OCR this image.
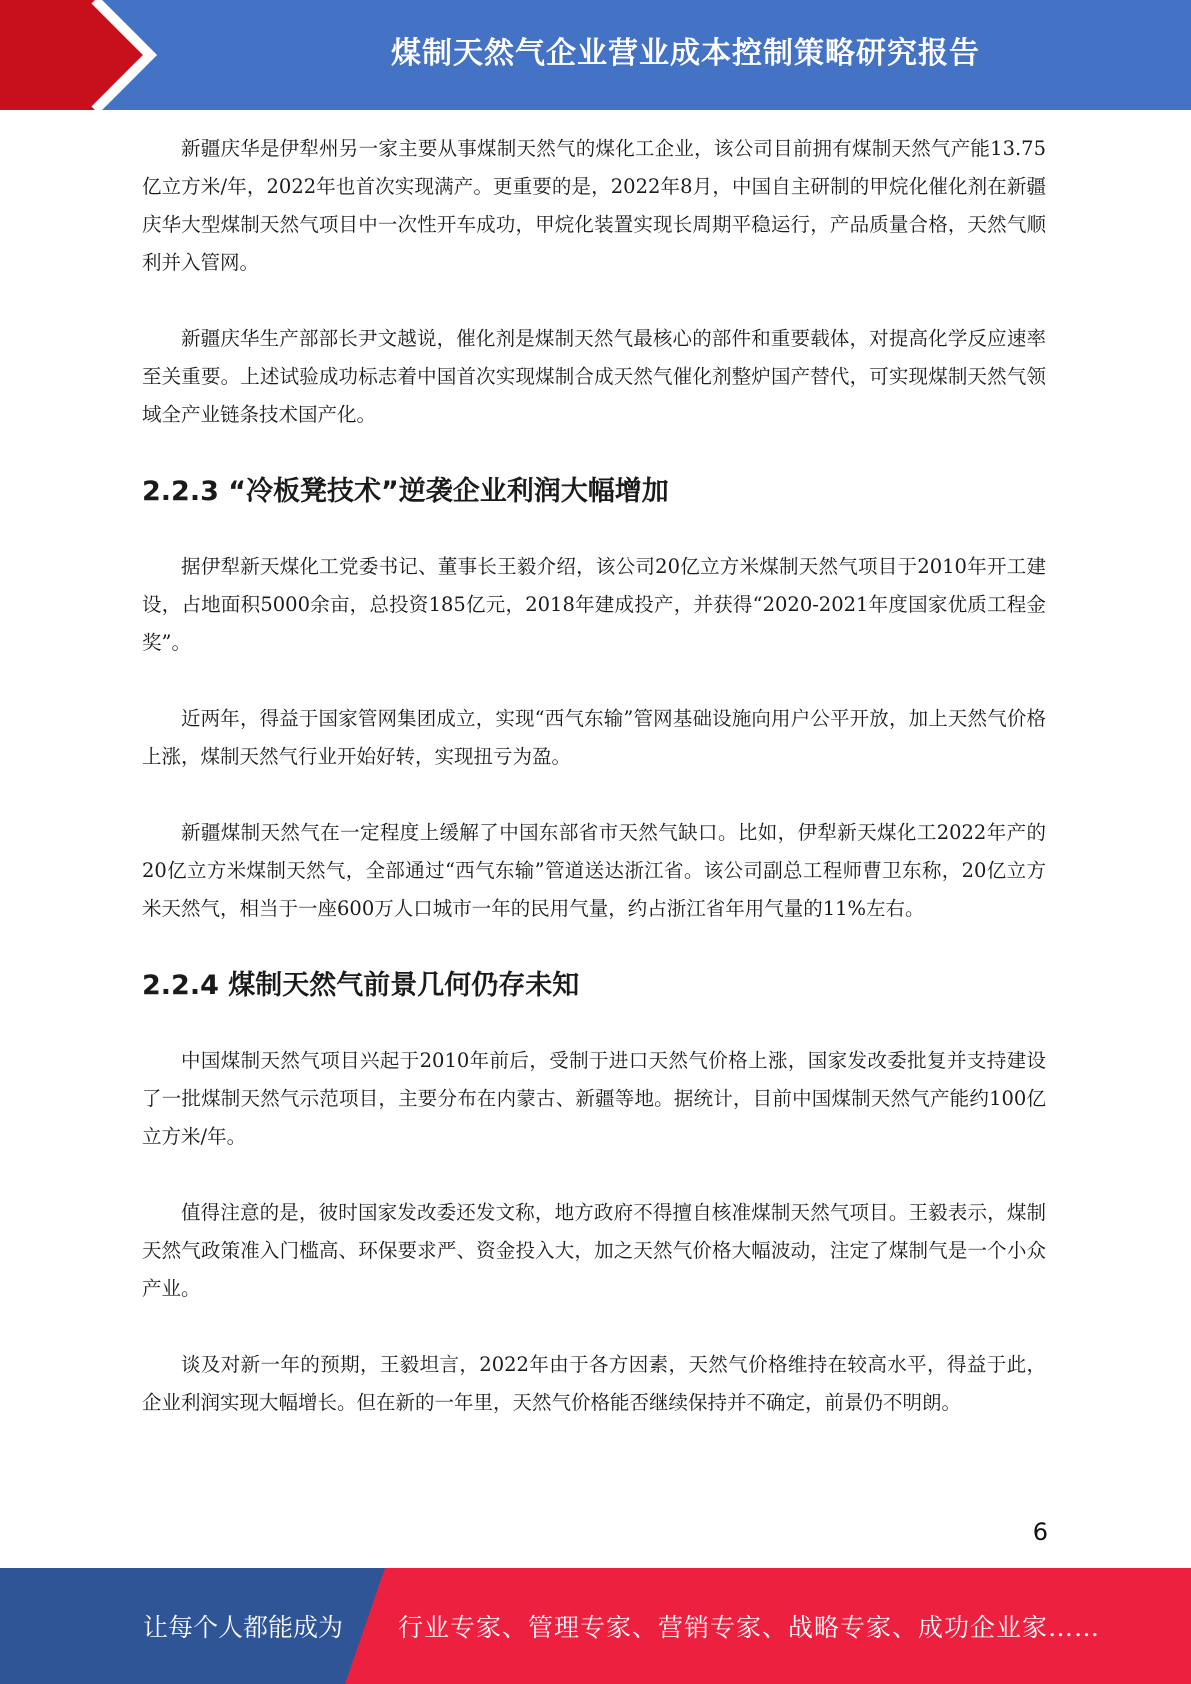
煤制天然气企业营业成本控制策略研究报告

新疆庆华是伊犁州另一家主要从事煤制天然气的煤化工企业，该公司目前拥有煤制天然气产能13.75亿立方米/年，2022年也首次实现满产。更重要的是，2022年8月，中国自主研制的甲烷化催化剂在新疆庆华大型煤制天然气项目中一次性开车成功，甲烷化装置实现长周期平稳运行，产品质量合格，天然气顺利并入管网。

新疆庆华生产部部长尹文越说，催化剂是煤制天然气最核心的部件和重要载体，对提高化学反应速率至关重要。上述试验成功标志着中国首次实现煤制合成天然气催化剂整炉国产替代，可实现煤制天然气领域全产业链条技术国产化。

2.2.3 “冷板凳技术”逆袭企业利润大幅增加

据伊犁新天煤化工党委书记、董事长王毅介绍，该公司20亿立方米煤制天然气项目于2010年开工建设，占地面积5000余亩，总投资185亿元，2018年建成投产，并获得“2020-2021年度国家优质工程金奖”。

近两年，得益于国家管网集团成立，实现“西气东输”管网基础设施向用户公平开放，加上天然气价格上涨，煤制天然气行业开始好转，实现扭亏为盈。

新疆煤制天然气在一定程度上缓解了中国东部省市天然气缺口。比如，伊犁新天煤化工2022年产的20亿立方米煤制天然气，全部通过“西气东输”管道送达浙江省。该公司副总工程师曹卫东称，20亿立方米天然气，相当于一座600万人口城市一年的民用气量，约占浙江省年用气量的11%左右。

2.2.4 煤制天然气前景几何仍存未知

中国煤制天然气项目兴起于2010年前后，受制于进口天然气价格上涨，国家发改委批复并支持建设了一批煤制天然气示范项目，主要分布在内蒙古、新疆等地。据统计，目前中国煤制天然气产能约100亿立方米/年。

值得注意的是，彼时国家发改委还发文称，地方政府不得擅自核准煤制天然气项目。王毅表示，煤制天然气政策准入门槛高、环保要求严、资金投入大，加之天然气价格大幅波动，注定了煤制气是一个小众产业。

谈及对新一年的预期，王毅坦言，2022年由于各方因素，天然气价格维持在较高水平，得益于此，企业利润实现大幅增长。但在新的一年里，天然气价格能否继续保持并不确定，前景仍不明朗。

6
让每个人都能成为 行业专家、管理专家、营销专家、战略专家、成功企业家……
